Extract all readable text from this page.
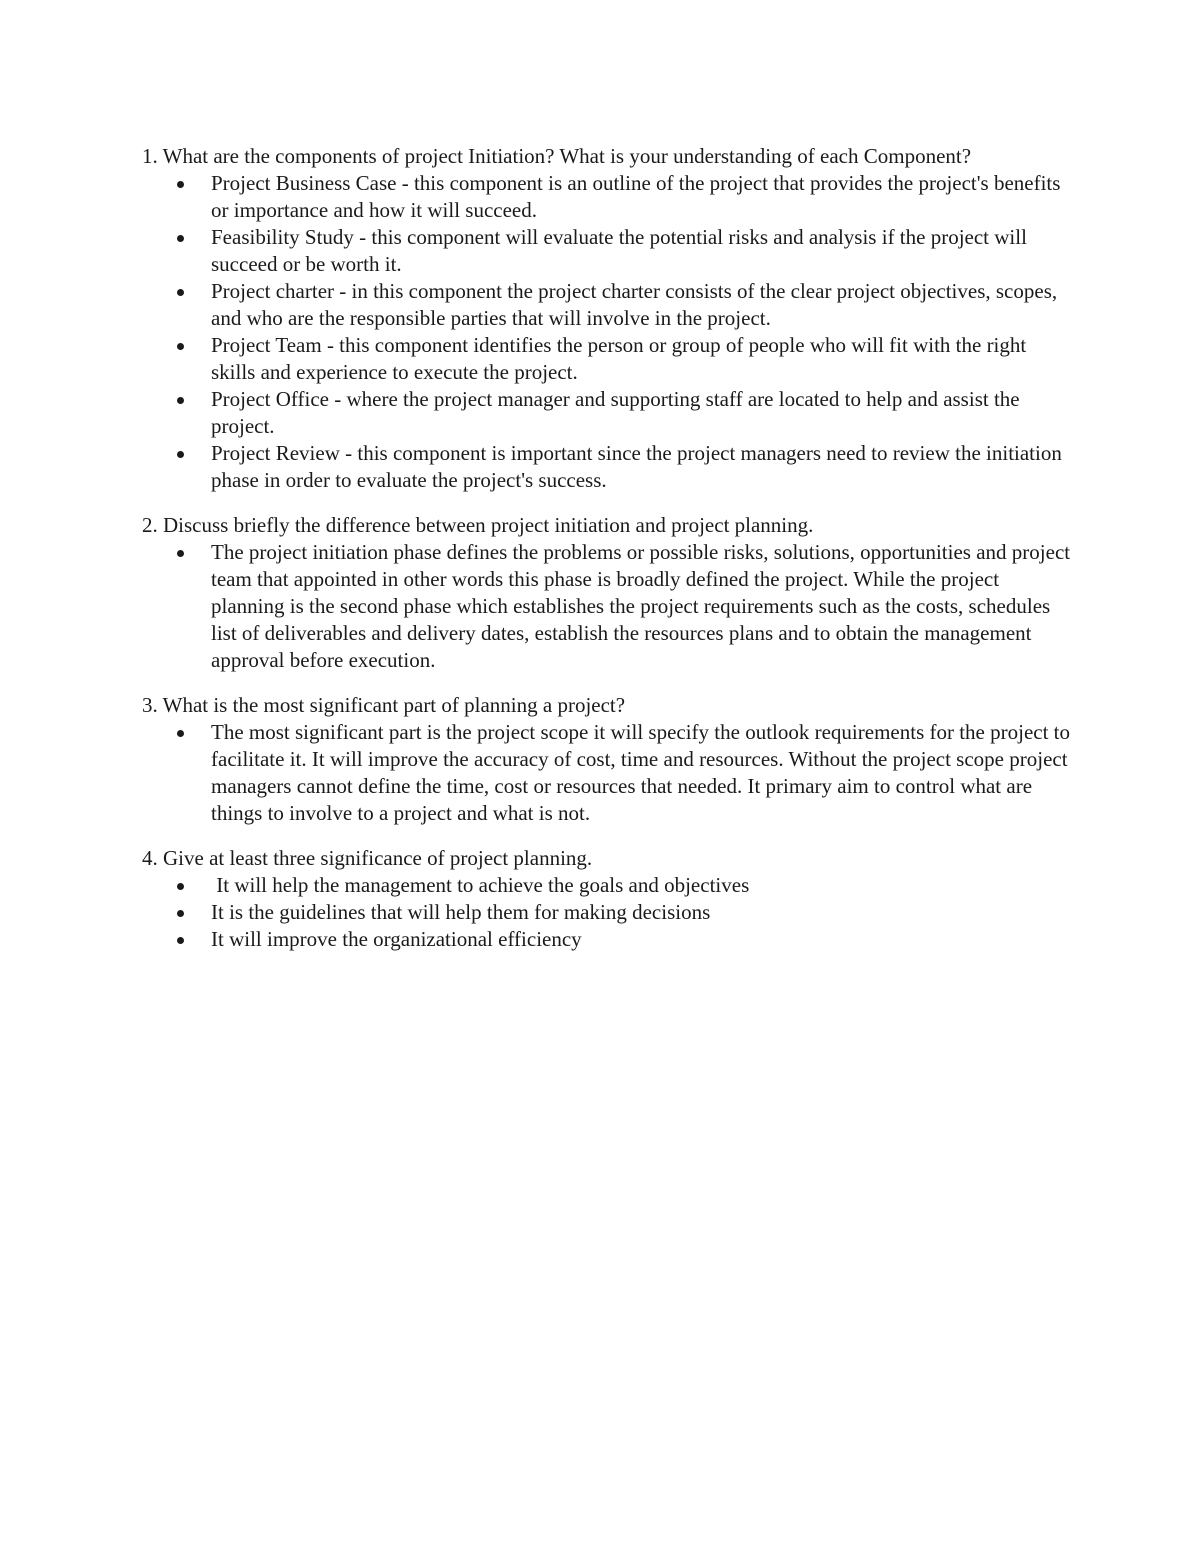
1. What are the components of project Initiation? What is your understanding of each Component?

Project Business Case - this component is an outline of the project that provides the project's benefits or importance and how it will succeed.
Feasibility Study - this component will evaluate the potential risks and analysis if the project will succeed or be worth it.
Project charter - in this component the project charter consists of the clear project objectives, scopes, and who are the responsible parties that will involve in the project.
Project Team - this component identifies the person or group of people who will fit with the right skills and experience to execute the project.
Project Office - where the project manager and supporting staff are located to help and assist the project.
Project Review - this component is important since the project managers need to review the initiation phase in order to evaluate the project's success.

2. Discuss briefly the difference between project initiation and project planning.

The project initiation phase defines the problems or possible risks, solutions, opportunities and project team that appointed in other words this phase is broadly defined the project. While the project planning is the second phase which establishes the project requirements such as the costs, schedules list of deliverables and delivery dates, establish the resources plans and to obtain the management approval before execution.

3. What is the most significant part of planning a project?

The most significant part is the project scope it will specify the outlook requirements for the project to facilitate it. It will improve the accuracy of cost, time and resources. Without the project scope project managers cannot define the time, cost or resources that needed. It primary aim to control what are things to involve to a project and what is not.

4. Give at least three significance of project planning.

It will help the management to achieve the goals and objectives
It is the guidelines that will help them for making decisions
It will improve the organizational efficiency
